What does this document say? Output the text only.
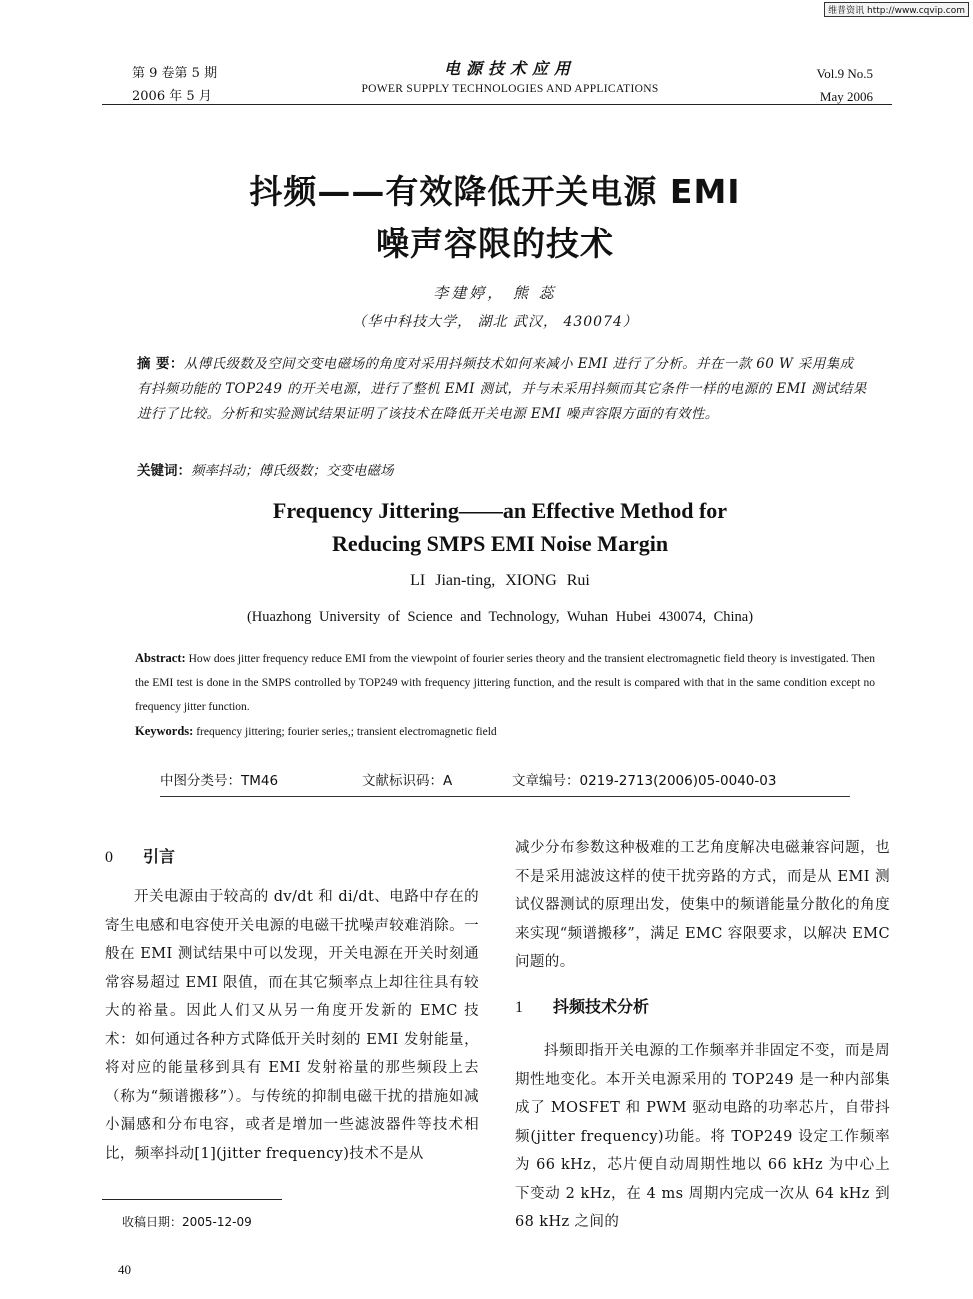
维普资讯 http://www.cqvip.com
第 9 卷第 5 期
2006 年 5 月
电源技术应用
POWER SUPPLY TECHNOLOGIES AND APPLICATIONS
Vol.9 No.5
May 2006
抖频——有效降低开关电源 EMI
噪声容限的技术
李建婷， 熊 蕊
（华中科技大学， 湖北 武汉， 430074）
摘 要：从傅氏级数及空间交变电磁场的角度对采用抖频技术如何来减小 EMI 进行了分析。并在一款 60 W 采用集成有抖频功能的 TOP249 的开关电源，进行了整机 EMI 测试，并与未采用抖频而其它条件一样的电源的 EMI 测试结果进行了比较。分析和实验测试结果证明了该技术在降低开关电源 EMI 噪声容限方面的有效性。
关键词：频率抖动；傅氏级数；交变电磁场
Frequency Jittering——an Effective Method for
Reducing SMPS EMI Noise Margin
LI Jian-ting, XIONG Rui
(Huazhong University of Science and Technology, Wuhan Hubei 430074, China)
Abstract: How does jitter frequency reduce EMI from the viewpoint of fourier series theory and the transient electromagnetic field theory is investigated. Then the EMI test is done in the SMPS controlled by TOP249 with frequency jittering function, and the result is compared with that in the same condition except no frequency jitter function.
Keywords: frequency jittering; fourier series,; transient electromagnetic field
中图分类号：TM46	文献标识码：A	文章编号：0219-2713(2006)05-0040-03
0 引言
开关电源由于较高的 dv/dt 和 di/dt、电路中存在的寄生电感和电容使开关电源的电磁干扰噪声较难消除。一般在 EMI 测试结果中可以发现，开关电源在开关时刻通常容易超过 EMI 限值，而在其它频率点上却往往具有较大的裕量。因此人们又从另一角度开发新的 EMC 技术：如何通过各种方式降低开关时刻的 EMI 发射能量，将对应的能量移到具有 EMI 发射裕量的那些频段上去（称为“频谱搬移”）。与传统的抑制电磁干扰的措施如减小漏感和分布电容，或者是增加一些滤波器件等技术相比，频率抖动[1](jitter frequency)技术不是从
减少分布参数这种极难的工艺角度解决电磁兼容问题，也不是采用滤波这样的使干扰旁路的方式，而是从 EMI 测试仪器测试的原理出发，使集中的频谱能量分散化的角度来实现“频谱搬移”，满足 EMC 容限要求，以解决 EMC 问题的。
1 抖频技术分析
抖频即指开关电源的工作频率并非固定不变，而是周期性地变化。本开关电源采用的 TOP249 是一种内部集成了 MOSFET 和 PWM 驱动电路的功率芯片，自带抖频(jitter frequency)功能。将 TOP249 设定工作频率为 66 kHz，芯片便自动周期性地以 66 kHz 为中心上下变动 2 kHz，在 4 ms 周期内完成一次从 64 kHz 到 68 kHz 之间的
收稿日期：2005-12-09
40
